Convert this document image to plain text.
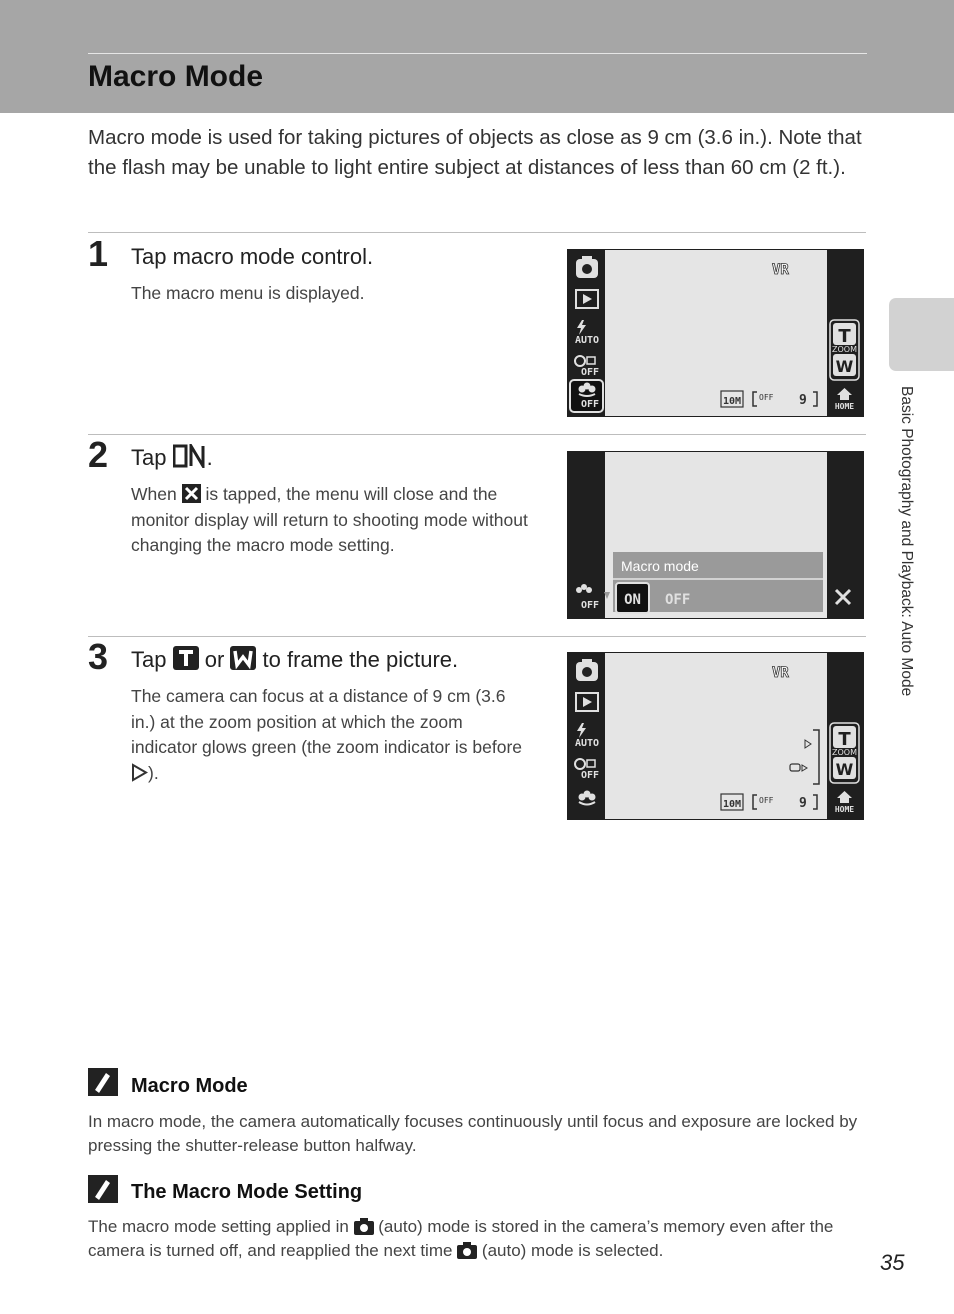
Macro Mode

Macro mode is used for taking pictures of objects as close as 9 cm (3.6 in.). Note that the flash may be unable to light entire subject at distances of less than 60 cm (2 ft.).

Basic Photography and Playback: Auto Mode
1 Tap macro mode control.

The macro menu is displayed.

AUTO
OFF
OFF
VR
10M OFF 9
T
ZOOM
W
HOME
2 Tap .

When  is tapped, the menu will close and the monitor display will return to shooting mode without changing the macro mode setting.

OFF
Macro mode
ON OFF
3 Tap  or  to frame the picture.

The camera can focus at a distance of 9 cm (3.6 in.) at the zoom position at which the zoom indicator glows green (the zoom indicator is before ).

AUTO
OFF
VR
10M OFF 9
T
ZOOM
W
HOME
Macro Mode

In macro mode, the camera automatically focuses continuously until focus and exposure are locked by pressing the shutter-release button halfway.

The Macro Mode Setting

The macro mode setting applied in  (auto) mode is stored in the camera’s memory even after the camera is turned off, and reapplied the next time  (auto) mode is selected.	35
